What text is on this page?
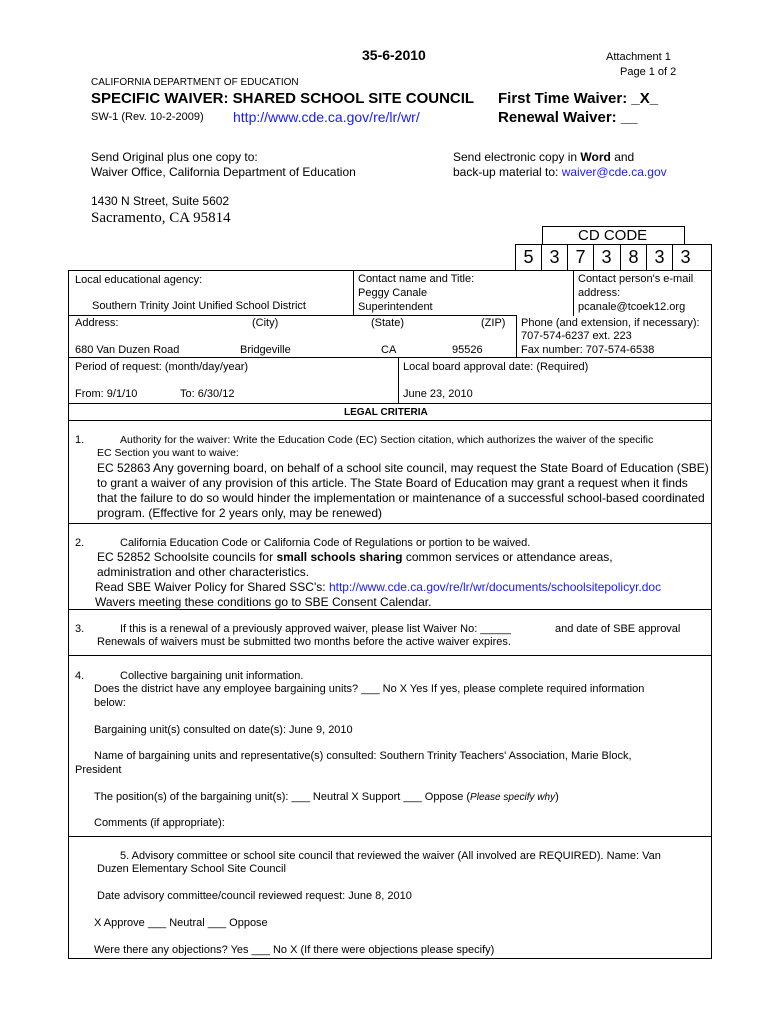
35-6-2010	Attachment 1
Page 1 of 2
CALIFORNIA DEPARTMENT OF EDUCATION
SPECIFIC WAIVER: SHARED SCHOOL SITE COUNCIL
SW-1 (Rev. 10-2-2009) http://www.cde.ca.gov/re/lr/wr/
First Time Waiver: _X_
Renewal Waiver: __
Send Original plus one copy to:
Waiver Office, California Department of Education
Send electronic copy in Word and
back-up material to: waiver@cde.ca.gov
1430 N Street, Suite 5602
Sacramento, CA 95814
CD CODE
5 3 7 3 8 3 3
Local educational agency:
Southern Trinity Joint Unified School District
Contact name and Title:
Peggy Canale
Superintendent
Contact person's e-mail
address:
pcanale@tcoek12.org
Address:	(City)	(State)	(ZIP)
680 Van Duzen Road	Bridgeville	CA	95526
Phone (and extension, if necessary):
707-574-6237 ext. 223
Fax number: 707-574-6538
Period of request: (month/day/year)
From: 9/1/10	To: 6/30/12
Local board approval date: (Required)
June 23, 2010
LEGAL CRITERIA
1.	Authority for the waiver: Write the Education Code (EC) Section citation, which authorizes the waiver of the specific
EC Section you want to waive:
EC 52863 Any governing board, on behalf of a school site council, may request the State Board of Education (SBE) to grant a waiver of any provision of this article. The State Board of Education may grant a request when it finds that the failure to do so would hinder the implementation or maintenance of a successful school-based coordinated program. (Effective for 2 years only, may be renewed)
2.	California Education Code or California Code of Regulations or portion to be waived.
EC 52852 Schoolsite councils for small schools sharing common services or attendance areas,
administration and other characteristics.
Read SBE Waiver Policy for Shared SSC's: http://www.cde.ca.gov/re/lr/wr/documents/schoolsitepolicyr.doc
Wavers meeting these conditions go to SBE Consent Calendar.
3.	If this is a renewal of a previously approved waiver, please list Waiver No: _____	and date of SBE approval
Renewals of waivers must be submitted two months before the active waiver expires.
4.	Collective bargaining unit information.
Does the district have any employee bargaining units? ___ No X Yes If yes, please complete required information
below:
Bargaining unit(s) consulted on date(s): June 9, 2010
Name of bargaining units and representative(s) consulted: Southern Trinity Teachers' Association, Marie Block,
President
The position(s) of the bargaining unit(s): ___ Neutral X Support ___ Oppose (Please specify why)
Comments (if appropriate):
5. Advisory committee or school site council that reviewed the waiver (All involved are REQUIRED). Name: Van
Duzen Elementary School Site Council
Date advisory committee/council reviewed request: June 8, 2010
X Approve ___ Neutral ___ Oppose
Were there any objections? Yes ___ No X (If there were objections please specify)
